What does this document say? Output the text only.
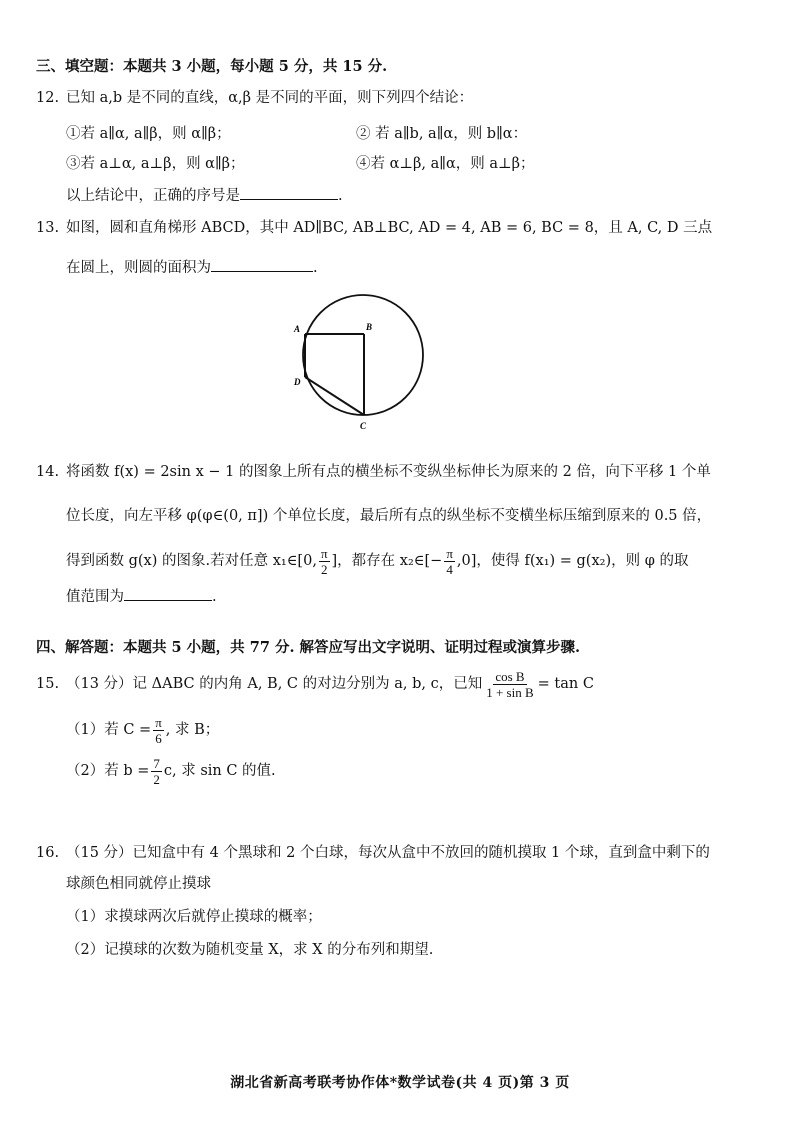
三、填空题：本题共 3 小题，每小题 5 分，共 15 分.
12. 已知 a,b 是不同的直线，α,β 是不同的平面，则下列四个结论：
①若 a∥α, a∥β，则 α∥β；	② 若 a∥b, a∥α，则 b∥α：
③若 a⊥α, a⊥β，则 α∥β；	④若 α⊥β, a∥α，则 a⊥β；
以上结论中，正确的序号是	.
13. 如图，圆和直角梯形 ABCD，其中 AD∥BC, AB⊥BC, AD = 4, AB = 6, BC = 8，且 A, C, D 三点
在圆上，则圆的面积为	.
A	B
D
C
14. 将函数 f(x) = 2sin x − 1 的图象上所有点的横坐标不变纵坐标伸长为原来的 2 倍，向下平移 1 个单
位长度，向左平移 φ(φ∈(0, π]) 个单位长度，最后所有点的纵坐标不变横坐标压缩到原来的 0.5 倍，
得到函数 g(x) 的图象.若对任意 x₁∈[0, $\frac{\pi}{2}$ ]，都存在 x₂∈[− $\frac{\pi}{4} ,0$]，使得 f(x₁) = g(x₂)，则 φ 的取
值范围为	.
四、解答题：本题共 5 小题，共 77 分. 解答应写出文字说明、证明过程或演算步骤.
15. （13 分）记 ΔABC 的内角 A, B, C 的对边分别为 a, b, c，已知 $\frac{\text{cos B}}{\text{1 + sin B}} = \tan C$
（1）若 $C = \frac{\pi}{6}$ , 求 B；
（2）若 $b = \frac{7}{2} c$, 求 sin C 的值.
16. （15 分）已知盒中有 4 个黑球和 2 个白球，每次从盒中不放回的随机摸取 1 个球，直到盒中剩下的
球颜色相同就停止摸球
（1）求摸球两次后就停止摸球的概率；
（2）记摸球的次数为随机变量 X，求 X 的分布列和期望.
湖北省新高考联考协作体*数学试卷(共 4 页)第 3 页
